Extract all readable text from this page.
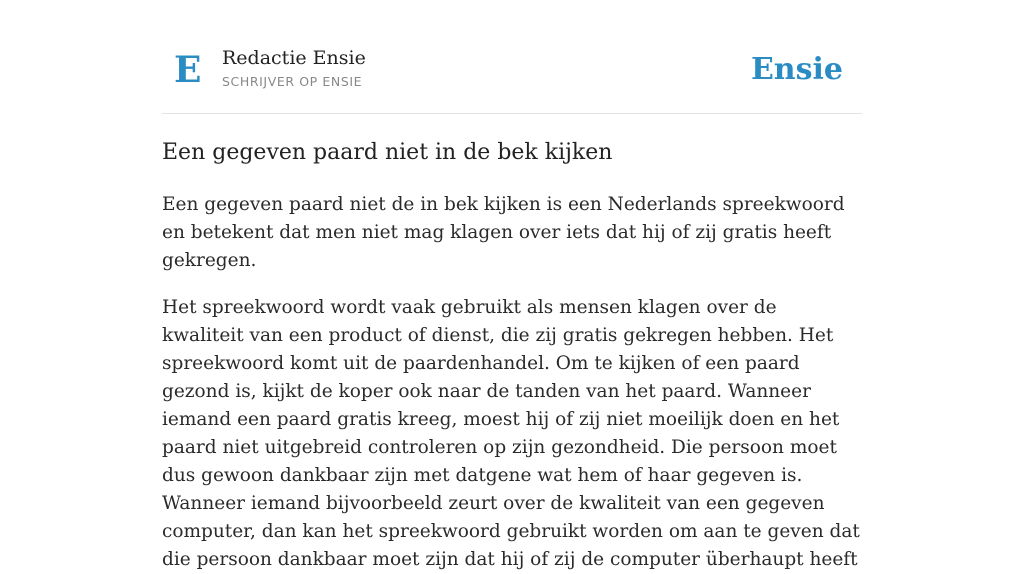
E Redactie Ensie
SCHRIJVER OP ENSIE	Ensie
Een gegeven paard niet in de bek kijken

Een gegeven paard niet de in bek kijken is een Nederlands spreekwoord en betekent dat men niet mag klagen over iets dat hij of zij gratis heeft gekregen.

Het spreekwoord wordt vaak gebruikt als mensen klagen over de kwaliteit van een product of dienst, die zij gratis gekregen hebben. Het spreekwoord komt uit de paardenhandel. Om te kijken of een paard gezond is, kijkt de koper ook naar de tanden van het paard. Wanneer iemand een paard gratis kreeg, moest hij of zij niet moeilijk doen en het paard niet uitgebreid controleren op zijn gezondheid. Die persoon moet dus gewoon dankbaar zijn met datgene wat hem of haar gegeven is. Wanneer iemand bijvoorbeeld zeurt over de kwaliteit van een gegeven computer, dan kan het spreekwoord gebruikt worden om aan te geven dat die persoon dankbaar moet zijn dat hij of zij de computer überhaupt heeft
